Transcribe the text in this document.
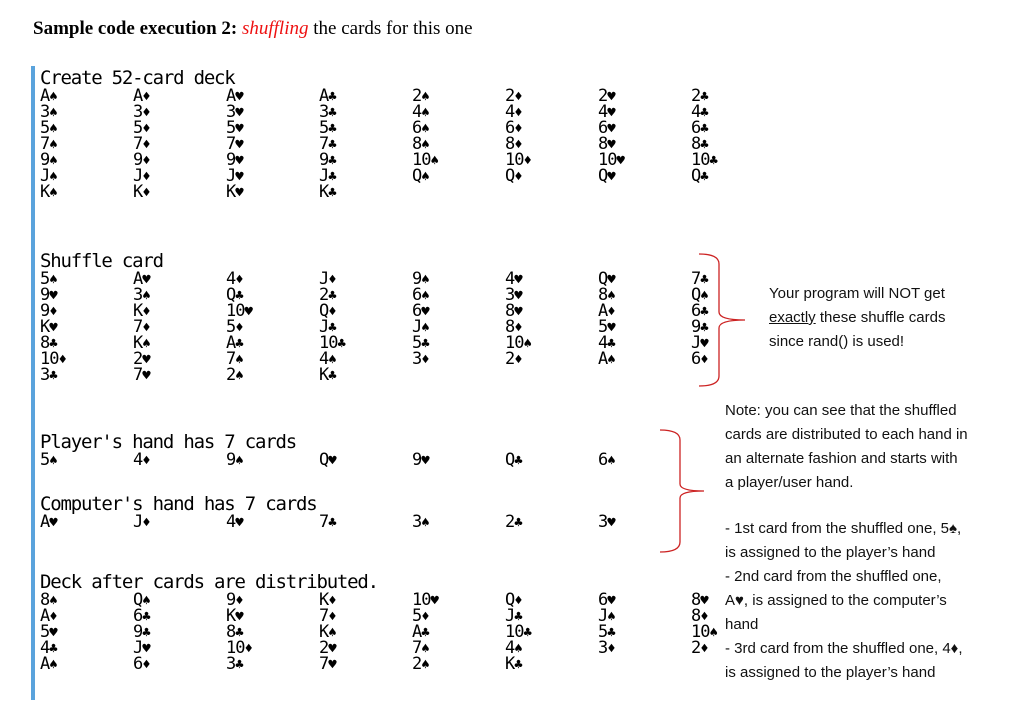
Sample code execution 2: shuffling the cards for this one
Create 52-card deck
A♠	A♦	A♥	A♣	2♠	2♦	2♥	2♣
3♠	3♦	3♥	3♣	4♠	4♦	4♥	4♣
5♠	5♦	5♥	5♣	6♠	6♦	6♥	6♣
7♠	7♦	7♥	7♣	8♠	8♦	8♥	8♣
9♠	9♦	9♥	9♣	10♠	10♦	10♥	10♣
J♠	J♦	J♥	J♣	Q♠	Q♦	Q♥	Q♣
K♠	K♦	K♥	K♣
Shuffle card
5♠	A♥	4♦	J♦	9♠	4♥	Q♥	7♣
9♥	3♠	Q♣	2♣	6♠	3♥	8♠	Q♠
9♦	K♦	10♥	Q♦	6♥	8♥	A♦	6♣
K♥	7♦	5♦	J♣	J♠	8♦	5♥	9♣
8♣	K♠	A♣	10♣	5♣	10♠	4♣	J♥
10♦	2♥	7♠	4♠	3♦	2♦	A♠	6♦
3♣	7♥	2♠	K♣
Player's hand has 7 cards
5♠	4♦	9♠	Q♥	9♥	Q♣	6♠
Computer's hand has 7 cards
A♥	J♦	4♥	7♣	3♠	2♣	3♥
Deck after cards are distributed.
8♠	Q♠	9♦	K♦	10♥	Q♦	6♥	8♥
A♦	6♣	K♥	7♦	5♦	J♣	J♠	8♦
5♥	9♣	8♣	K♠	A♣	10♣	5♣	10♠
4♣	J♥	10♦	2♥	7♠	4♠	3♦	2♦
A♠	6♦	3♣	7♥	2♠	K♣

Your program will NOT get

exactly these shuffle cards

since rand() is used!

Note: you can see that the shuffled

cards are distributed to each hand in

an alternate fashion and starts with

a player/user hand.

- 1st card from the shuffled one, 5♠,

is assigned to the player’s hand

- 2nd card from the shuffled one,

A♥, is assigned to the computer’s

hand

- 3rd card from the shuffled one, 4♦,

is assigned to the player’s hand
